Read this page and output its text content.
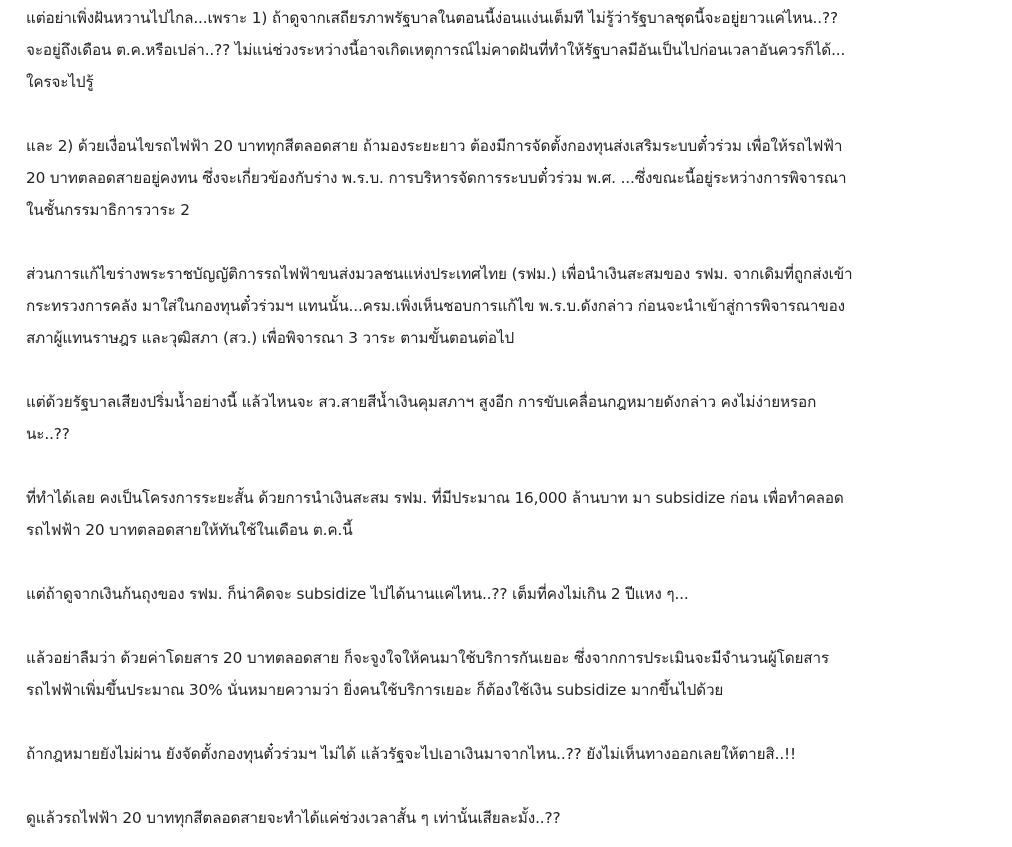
แต่อย่าเพิ่งฝันหวานไปไกล...เพราะ 1) ถ้าดูจากเสถียรภาพรัฐบาลในตอนนี้ง่อนแง่นเต็มที ไม่รู้ว่ารัฐบาลชุดนี้จะอยู่ยาวแค่ไหน..??
จะอยู่ถึงเดือน ต.ค.หรือเปล่า..?? ไม่แน่ช่วงระหว่างนี้อาจเกิดเหตุการณ์ไม่คาดฝันที่ทำให้รัฐบาลมีอันเป็นไปก่อนเวลาอันควรก็ได้...
ใครจะไปรู้

และ 2) ด้วยเงื่อนไขรถไฟฟ้า 20 บาททุกสีตลอดสาย ถ้ามองระยะยาว ต้องมีการจัดตั้งกองทุนส่งเสริมระบบตั๋วร่วม เพื่อให้รถไฟฟ้า
20 บาทตลอดสายอยู่คงทน ซึ่งจะเกี่ยวข้องกับร่าง พ.ร.บ. การบริหารจัดการระบบตั๋วร่วม พ.ศ. ...ซึ่งขณะนี้อยู่ระหว่างการพิจารณา
ในชั้นกรรมาธิการวาระ 2

ส่วนการแก้ไขร่างพระราชบัญญัติการรถไฟฟ้าขนส่งมวลชนแห่งประเทศไทย (รฟม.) เพื่อนำเงินสะสมของ รฟม. จากเดิมที่ถูกส่งเข้า
กระทรวงการคลัง มาใส่ในกองทุนตั๋วร่วมฯ แทนนั้น...ครม.เพิ่งเห็นชอบการแก้ไข พ.ร.บ.ดังกล่าว ก่อนจะนำเข้าสู่การพิจารณาของ
สภาผู้แทนราษฎร และวุฒิสภา (สว.) เพื่อพิจารณา 3 วาระ ตามขั้นตอนต่อไป

แต่ด้วยรัฐบาลเสียงปริ่มน้ำอย่างนี้ แล้วไหนจะ สว.สายสีน้ำเงินคุมสภาฯ สูงอีก การขับเคลื่อนกฎหมายดังกล่าว คงไม่ง่ายหรอก
นะ..??

ที่ทำได้เลย คงเป็นโครงการระยะสั้น ด้วยการนำเงินสะสม รฟม. ที่มีประมาณ 16,000 ล้านบาท มา subsidize ก่อน เพื่อทำคลอด
รถไฟฟ้า 20 บาทตลอดสายให้ทันใช้ในเดือน ต.ค.นี้

แต่ถ้าดูจากเงินก้นถุงของ รฟม. ก็น่าคิดจะ subsidize ไปได้นานแค่ไหน..?? เต็มที่คงไม่เกิน 2 ปีแหง ๆ...

แล้วอย่าลืมว่า ด้วยค่าโดยสาร 20 บาทตลอดสาย ก็จะจูงใจให้คนมาใช้บริการกันเยอะ ซึ่งจากการประเมินจะมีจำนวนผู้โดยสาร
รถไฟฟ้าเพิ่มขึ้นประมาณ 30% นั่นหมายความว่า ยิ่งคนใช้บริการเยอะ ก็ต้องใช้เงิน subsidize มากขึ้นไปด้วย

ถ้ากฎหมายยังไม่ผ่าน ยังจัดตั้งกองทุนตั๋วร่วมฯ ไม่ได้ แล้วรัฐจะไปเอาเงินมาจากไหน..?? ยังไม่เห็นทางออกเลยให้ตายสิ..!!

ดูแล้วรถไฟฟ้า 20 บาททุกสีตลอดสายจะทำได้แค่ช่วงเวลาสั้น ๆ เท่านั้นเสียละมั้ง..??
